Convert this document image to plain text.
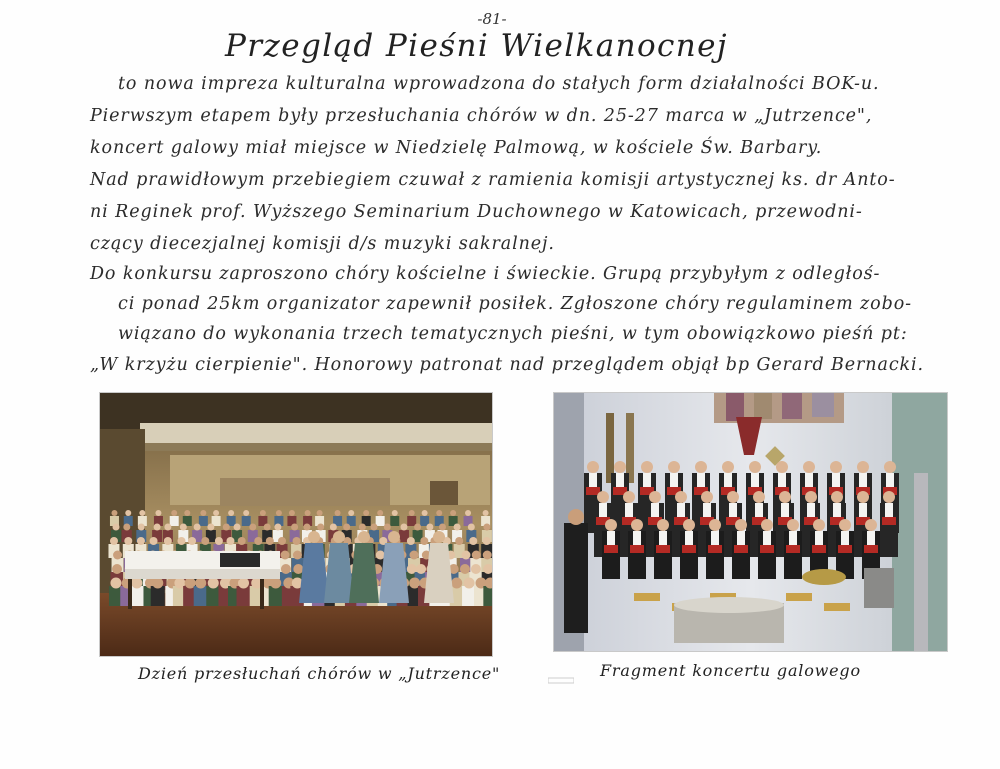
-81-
Przegląd Pieśni Wielkanocnej
to nowa impreza kulturalna wprowadzona do stałych form działalności BOK-u.
Pierwszym etapem były przesłuchania chórów w dn. 25-27 marca w „Jutrzence",
koncert galowy miał miejsce w Niedzielę Palmową, w kościele Św. Barbary.
Nad prawidłowym przebiegiem czuwał z ramienia komisji artystycznej ks. dr Anto-
ni Reginek prof. Wyższego Seminarium Duchownego w Katowicach, przewodni-
czący diecezjalnej komisji d/s muzyki sakralnej.
Do konkursu zaproszono chóry kościelne i świeckie. Grupą przybyłym z odległoś-
ci ponad 25km organizator zapewnił posiłek. Zgłoszone chóry regulaminem zobo-
wiązano do wykonania trzech tematycznych pieśni, w tym obowiązkowo pieśń pt:
„W krzyżu cierpienie". Honorowy patronat nad przeglądem objął bp Gerard Bernacki.
Dzień przesłuchań chórów w „Jutrzence"	Fragment koncertu galowego
